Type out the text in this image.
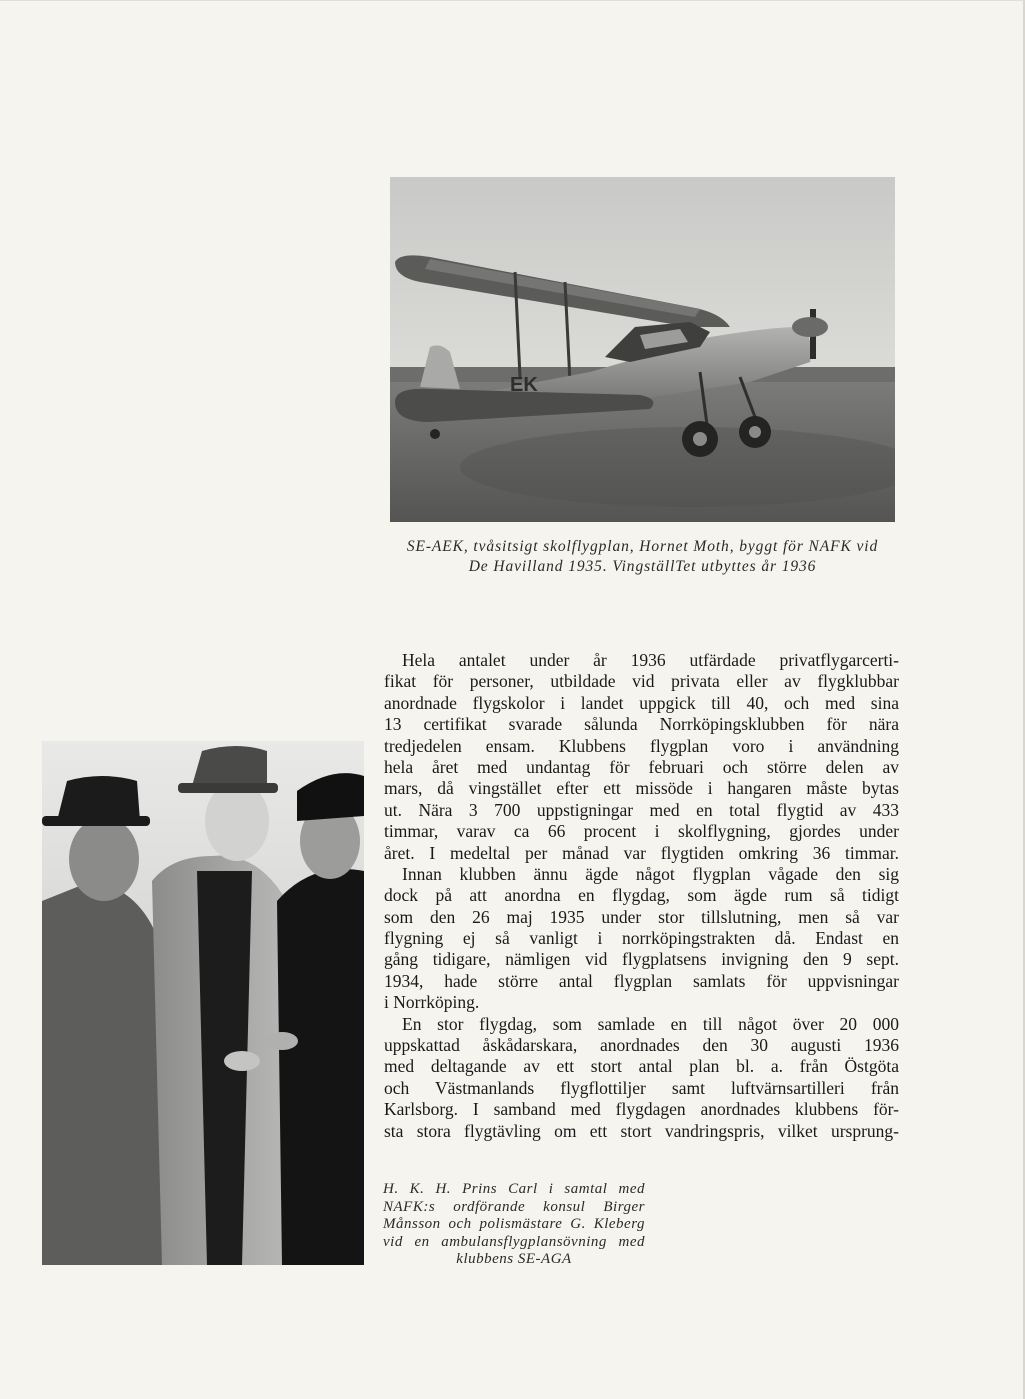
EK
SE-AEK, tvåsitsigt skolflygplan, Hornet Moth, byggt för NAFK vid
De Havilland 1935. VingställTet utbyttes år 1936
Hela antalet under år 1936 utfärdade privatflygarcerti-
fikat för personer, utbildade vid privata eller av flygklubbar
anordnade flygskolor i landet uppgick till 40, och med sina
13 certifikat svarade sålunda Norrköpingsklubben för nära
tredjedelen ensam. Klubbens flygplan voro i användning
hela året med undantag för februari och större delen av
mars, då vingstället efter ett missöde i hangaren måste bytas
ut. Nära 3 700 uppstigningar med en total flygtid av 433
timmar, varav ca 66 procent i skolflygning, gjordes under
året. I medeltal per månad var flygtiden omkring 36 timmar.
Innan klubben ännu ägde något flygplan vågade den sig
dock på att anordna en flygdag, som ägde rum så tidigt
som den 26 maj 1935 under stor tillslutning, men så var
flygning ej så vanligt i norrköpingstrakten då. Endast en
gång tidigare, nämligen vid flygplatsens invigning den 9 sept.
1934, hade större antal flygplan samlats för uppvisningar
i Norrköping.
En stor flygdag, som samlade en till något över 20 000
uppskattad åskådarskara, anordnades den 30 augusti 1936
med deltagande av ett stort antal plan bl. a. från Östgöta
och Västmanlands flygflottiljer samt luftvärnsartilleri från
Karlsborg. I samband med flygdagen anordnades klubbens för-
sta stora flygtävling om ett stort vandringspris, vilket ursprung-
H. K. H. Prins Carl i samtal med
NAFK:s ordförande konsul Birger
Månsson och polismästare G. Kleberg
vid en ambulansflygplansövning med
klubbens SE-AGA
